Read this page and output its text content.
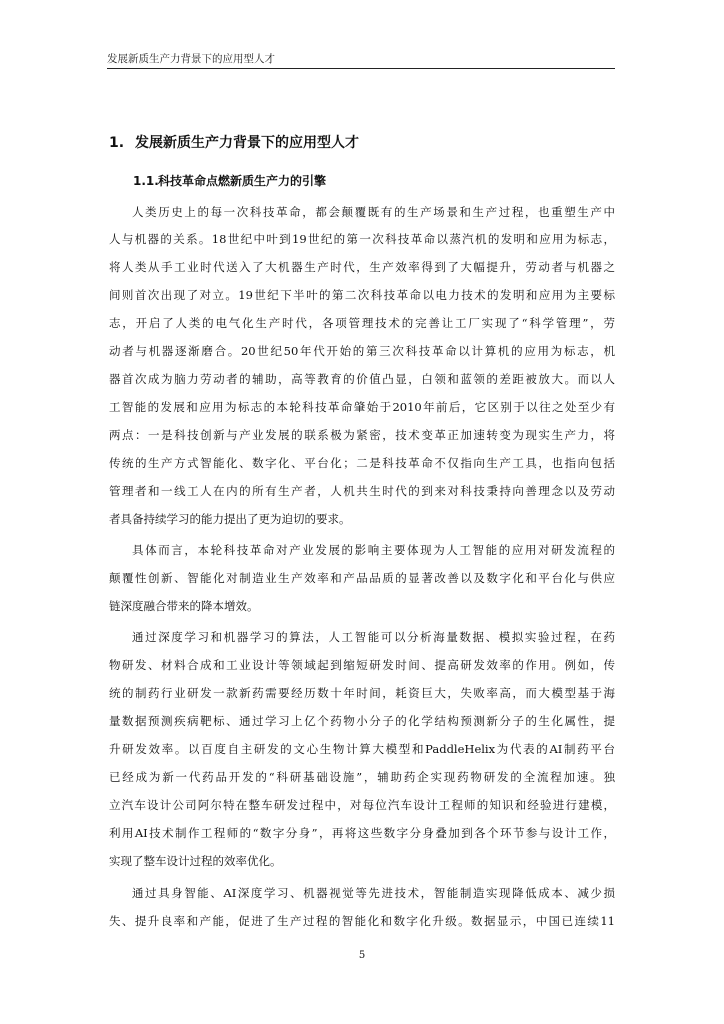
发展新质生产力背景下的应用型人才
1. 发展新质生产力背景下的应用型人才
1.1.科技革命点燃新质生产力的引擎

人类历史上的每一次科技革命，都会颠覆既有的生产场景和生产过程，也重塑生产中

人与机器的关系。18世纪中叶到19世纪的第一次科技革命以蒸汽机的发明和应用为标志，

将人类从手工业时代送入了大机器生产时代，生产效率得到了大幅提升，劳动者与机器之

间则首次出现了对立。19世纪下半叶的第二次科技革命以电力技术的发明和应用为主要标

志，开启了人类的电气化生产时代，各项管理技术的完善让工厂实现了“科学管理”，劳

动者与机器逐渐磨合。20世纪50年代开始的第三次科技革命以计算机的应用为标志，机

器首次成为脑力劳动者的辅助，高等教育的价值凸显，白领和蓝领的差距被放大。而以人

工智能的发展和应用为标志的本轮科技革命肇始于2010年前后，它区别于以往之处至少有

两点：一是科技创新与产业发展的联系极为紧密，技术变革正加速转变为现实生产力，将

传统的生产方式智能化、数字化、平台化；二是科技革命不仅指向生产工具，也指向包括

管理者和一线工人在内的所有生产者，人机共生时代的到来对科技秉持向善理念以及劳动

者具备持续学习的能力提出了更为迫切的要求。

具体而言，本轮科技革命对产业发展的影响主要体现为人工智能的应用对研发流程的

颠覆性创新、智能化对制造业生产效率和产品品质的显著改善以及数字化和平台化与供应

链深度融合带来的降本增效。

通过深度学习和机器学习的算法，人工智能可以分析海量数据、模拟实验过程，在药

物研发、材料合成和工业设计等领域起到缩短研发时间、提高研发效率的作用。例如，传

统的制药行业研发一款新药需要经历数十年时间，耗资巨大，失败率高，而大模型基于海

量数据预测疾病靶标、通过学习上亿个药物小分子的化学结构预测新分子的生化属性，提

升研发效率。以百度自主研发的文心生物计算大模型和PaddleHelix为代表的AI制药平台

已经成为新一代药品开发的“科研基础设施”，辅助药企实现药物研发的全流程加速。独

立汽车设计公司阿尔特在整车研发过程中，对每位汽车设计工程师的知识和经验进行建模，

利用AI技术制作工程师的“数字分身”，再将这些数字分身叠加到各个环节参与设计工作，

实现了整车设计过程的效率优化。

通过具身智能、AI深度学习、机器视觉等先进技术，智能制造实现降低成本、减少损

失、提升良率和产能，促进了生产过程的智能化和数字化升级。数据显示，中国已连续11

5
